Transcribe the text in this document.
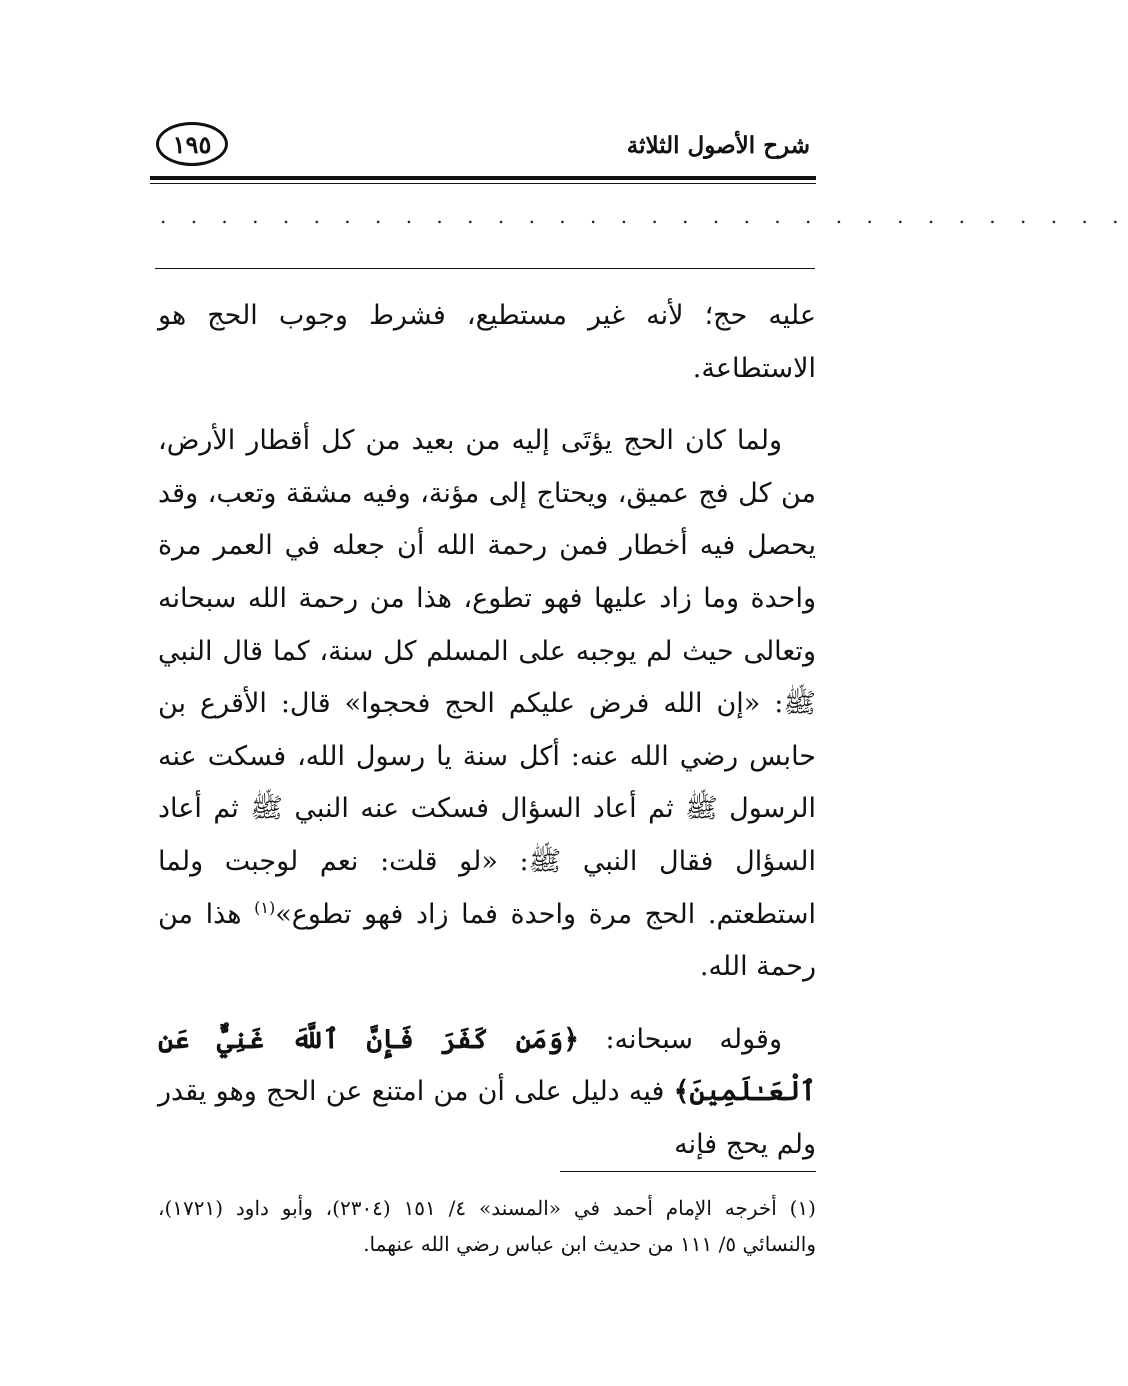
شرح الأصول الثلاثة
١٩٥
. . . . . . . . . . . . . . . . . . . . . . . . . . . . . . . .

عليه حج؛ لأنه غير مستطيع، فشرط وجوب الحج هو الاستطاعة.

ولما كان الحج يؤتَى إليه من بعيد من كل أقطار الأرض، من كل فج عميق، ويحتاج إلى مؤنة، وفيه مشقة وتعب، وقد يحصل فيه أخطار فمن رحمة الله أن جعله في العمر مرة واحدة وما زاد عليها فهو تطوع، هذا من رحمة الله سبحانه وتعالى حيث لم يوجبه على المسلم كل سنة، كما قال النبي ﷺ: «إن الله فرض عليكم الحج فحجوا» قال: الأقرع بن حابس رضي الله عنه: أكل سنة يا رسول الله، فسكت عنه الرسول ﷺ ثم أعاد السؤال فسكت عنه النبي ﷺ ثم أعاد السؤال فقال النبي ﷺ: «لو قلت: نعم لوجبت ولما استطعتم. الحج مرة واحدة فما زاد فهو تطوع»$^{(١)}$ هذا من رحمة الله.

وقوله سبحانه: ﴿وَمَن كَفَرَ فَإِنَّ ٱللَّهَ غَنِيٌّ عَنِ ٱلْعَـٰلَمِينَ﴾ فيه دليل على أن من امتنع عن الحج وهو يقدر ولم يحج فإنه

(١) أخرجه الإمام أحمد في «المسند» ٤/ ١٥١ (٢٣٠٤)، وأبو داود (١٧٢١)، والنسائي ٥/ ١١١ من حديث ابن عباس رضي الله عنهما.
